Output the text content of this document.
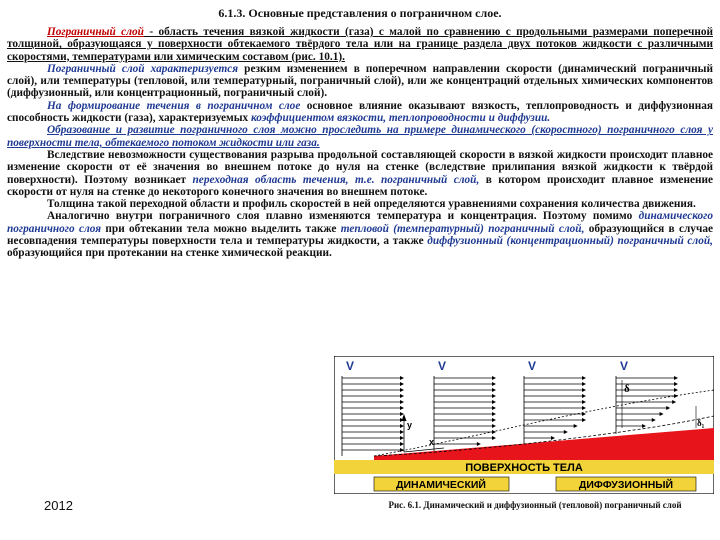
6.1.3. Основные представления о пограничном слое.

Пограничный слой - область течения вязкой жидкости (газа) с малой по сравнению с продольными размерами поперечной толщиной, образующаяся у поверхности обтекаемого твёрдого тела или на границе раздела двух потоков жидкости с различными скоростями, температурами или химическим составом (рис. 10.1).

Пограничный слой характеризуется резким изменением в поперечном направлении скорости (динамический пограничный слой), или температуры (тепловой, или температурный, пограничный слой), или же концентраций отдельных химических компонентов (диффузионный, или концентрационный, пограничный слой).

На формирование течения в пограничном слое основное влияние оказывают вязкость, теплопроводность и диффузионная способность жидкости (газа), характеризуемых коэффициентом вязкости, теплопроводности и диффузии.

Образование и развитие пограничного слоя можно проследить на примере динамического (скоростного) пограничного слоя у поверхности тела, обтекаемого потоком жидкости или газа.

Вследствие невозможности существования разрыва продольной составляющей скорости в вязкой жидкости происходит плавное изменение скорости от её значения во внешнем потоке до нуля на стенке (вследствие прилипания вязкой жидкости к твёрдой поверхности). Поэтому возникает переходная область течения, т.е. пограничный слой, в котором происходит плавное изменение скорости от нуля на стенке до некоторого конечного значения во внешнем потоке.

Толщина такой переходной области и профиль скоростей в ней определяются уравнениями сохранения количества движения.

Аналогично внутри пограничного слоя плавно изменяются температура и концентрация. Поэтому помимо динамического пограничного слоя при обтекании тела можно выделить также тепловой (температурный) пограничный слой, образующийся в случае несовпадения температуры поверхности тела и температуры жидкости, а также диффузионный (концентрационный) пограничный слой, образующийся при протекании на стенке химической реакции.

V	V	V	V
ПОВЕРХНОСТЬ ТЕЛА
ДИНАМИЧЕСКИЙ	ДИФФУЗИОННЫЙ
y
x
δ
δ₁
2012	Рис. 6.1. Динамический и диффузионный (тепловой) пограничный слой
